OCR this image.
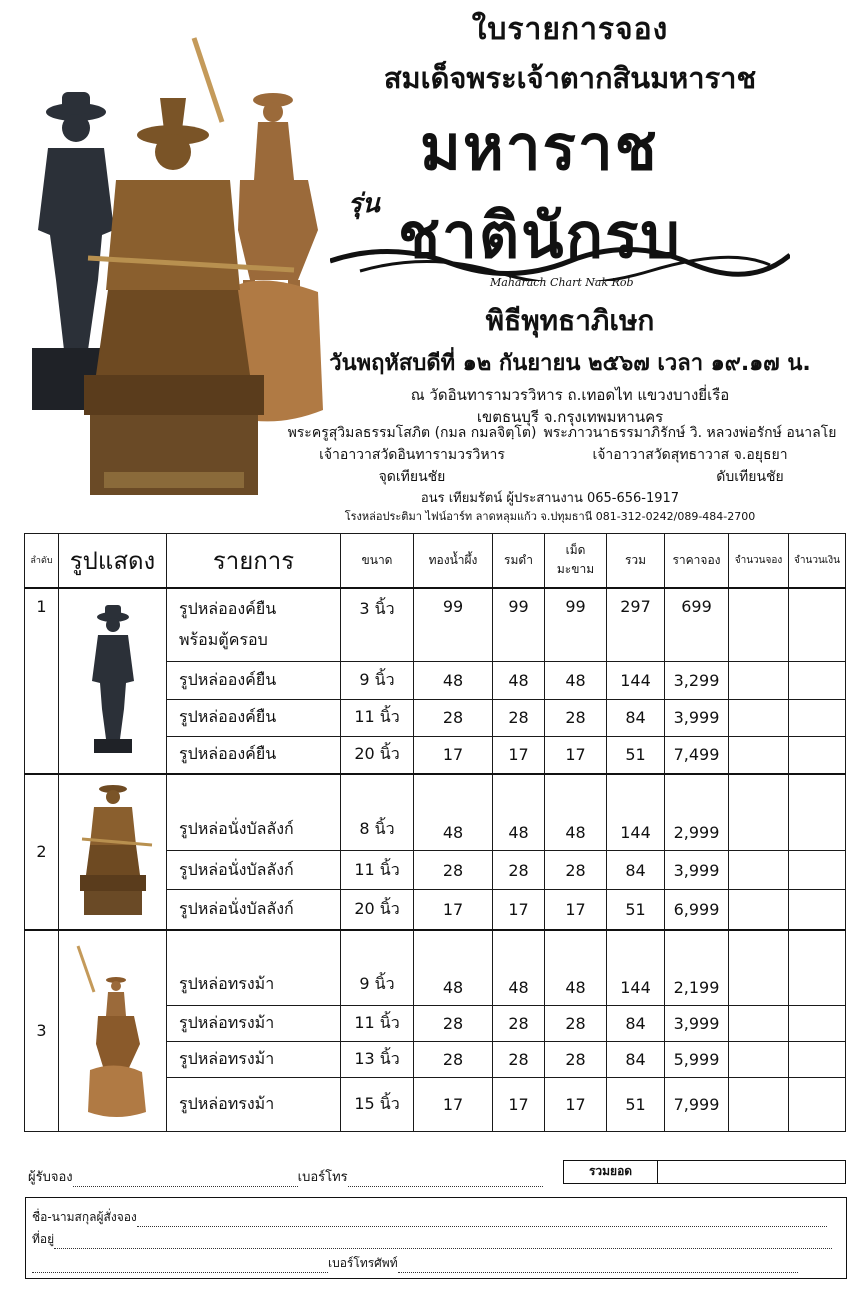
ใบรายการจอง
สมเด็จพระเจ้าตากสินมหาราช
มหาราช
รุ่น ชาตินักรบ
Maharach Chart Nak Rob
พิธีพุทธาภิเษก
วันพฤหัสบดีที่ ๑๒ กันยายน ๒๕๖๗ เวลา ๑๙.๑๗ น.
ณ วัดอินทารามวรวิหาร ถ.เทอดไท แขวงบางยี่เรือ
เขตธนบุรี จ.กรุงเทพมหานคร
พระครูสุวิมลธรรมโสภิต (กมล กมลจิตฺโต)
เจ้าอาวาสวัดอินทารามวรวิหาร
จุดเทียนชัย
พระภาวนาธรรมาภิรักษ์ วิ. หลวงพ่อรักษ์ อนาลโย
เจ้าอาวาสวัดสุทธาวาส จ.อยุธยา
ดับเทียนชัย
อนร เทียมรัตน์ ผู้ประสานงาน 065-656-1917
โรงหล่อประติมา ไฟน์อาร์ท ลาดหลุมแก้ว จ.ปทุมธานี 081-312-0242/089-484-2700
ลำดับ	รูปแสดง	รายการ	ขนาด	ทองน้ำผึ้ง	รมดำ	เม็ด
มะขาม	รวม	ราคาจอง	จำนวนจอง	จำนวนเงิน
1		รูปหล่อองค์ยืน
พร้อมตู้ครอบ	3 นิ้ว	99	99	99	297	699		
		รูปหล่อองค์ยืน	9 นิ้ว	48	48	48	144	3,299		
		รูปหล่อองค์ยืน	11 นิ้ว	28	28	28	84	3,999		
		รูปหล่อองค์ยืน	20 นิ้ว	17	17	17	51	7,499		
2		รูปหล่อนั่งบัลลังก์	8 นิ้ว	48	48	48	144	2,999		
		รูปหล่อนั่งบัลลังก์	11 นิ้ว	28	28	28	84	3,999		
		รูปหล่อนั่งบัลลังก์	20 นิ้ว	17	17	17	51	6,999		
3		รูปหล่อทรงม้า	9 นิ้ว	48	48	48	144	2,199		
		รูปหล่อทรงม้า	11 นิ้ว	28	28	28	84	3,999		
		รูปหล่อทรงม้า	13 นิ้ว	28	28	28	84	5,999		
		รูปหล่อทรงม้า	15 นิ้ว	17	17	17	51	7,999		
ผู้รับจอง	เบอร์โทร	รวมยอด
ชื่อ-นามสกุลผู้สั่งจอง
ที่อยู่
เบอร์โทรศัพท์
